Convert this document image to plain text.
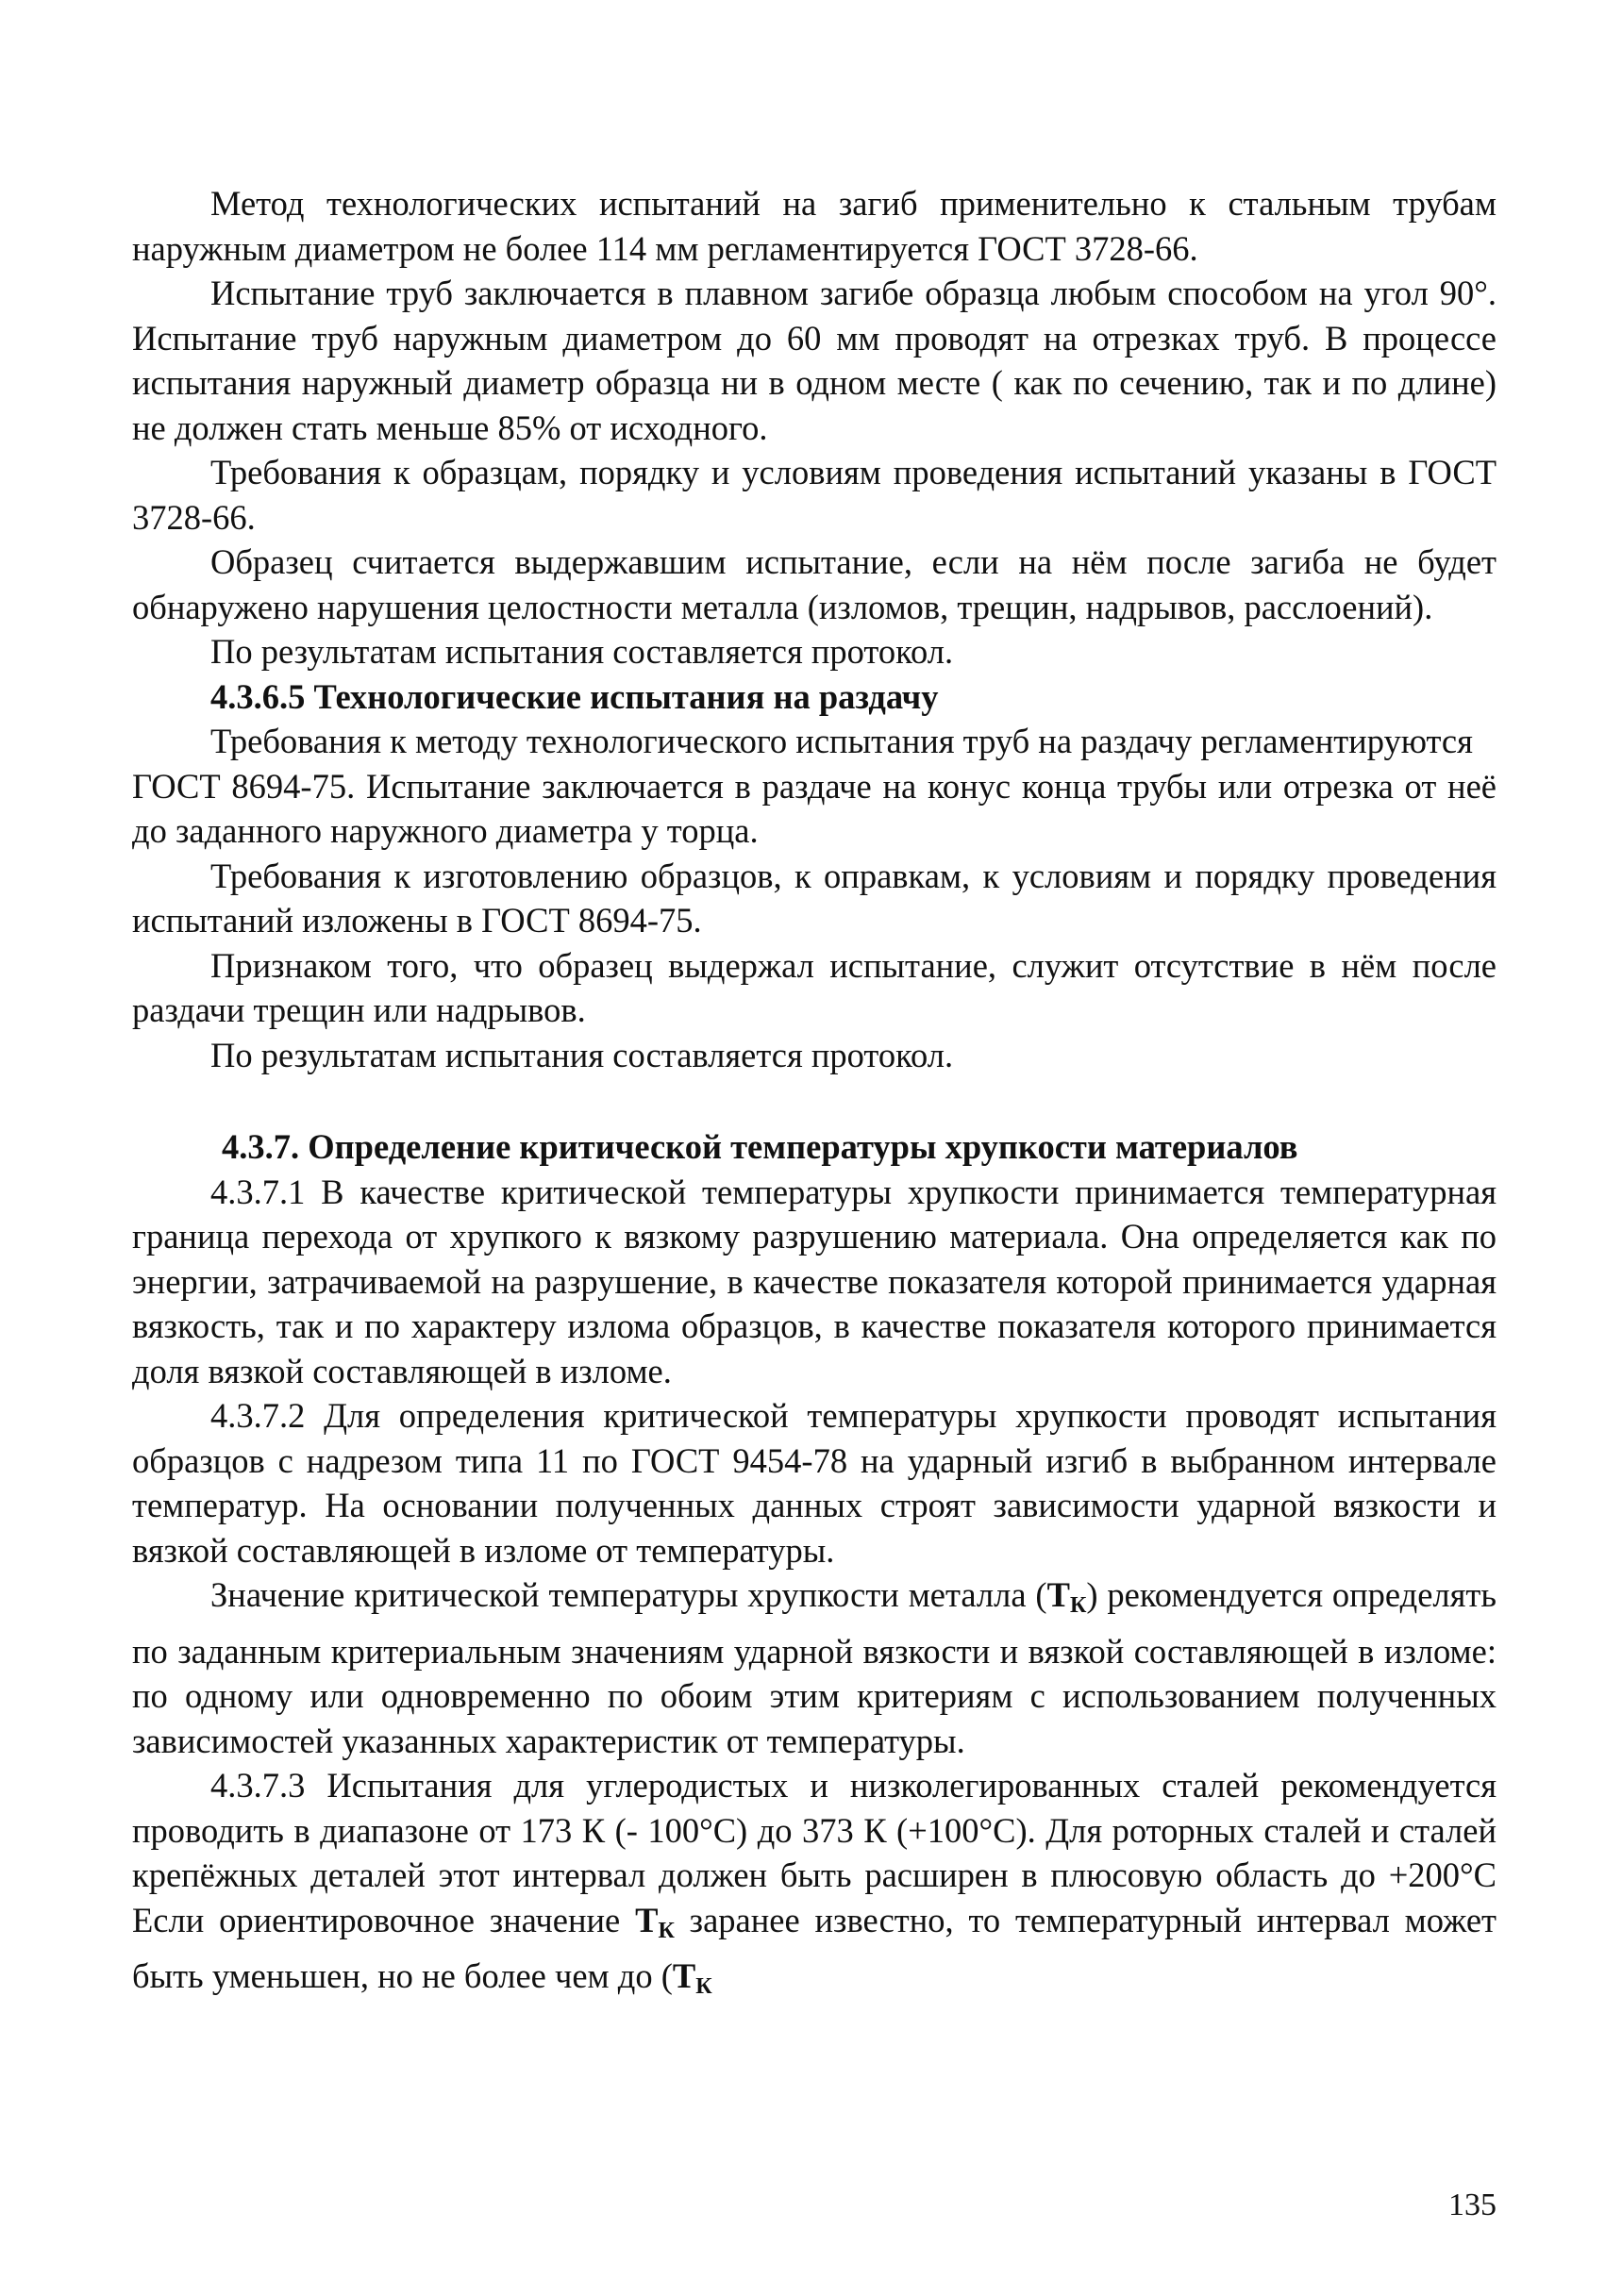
Метод технологических испытаний на загиб применительно к стальным трубам наружным диаметром не более 114 мм регламентируется ГОСТ 3728-66.

Испытание труб заключается в плавном загибе образца любым способом на угол 90°. Испытание труб наружным диаметром до 60 мм проводят на отрезках труб. В процессе испытания наружный диаметр образца ни в одном месте ( как по сечению, так и по длине) не должен стать меньше 85% от исходного.

Требования к образцам, порядку и условиям проведения испытаний указаны в ГОСТ 3728-66.

Образец считается выдержавшим испытание, если на нём после загиба не будет обнаружено нарушения целостности металла (изломов, трещин, надрывов, расслоений).

По результатам испытания составляется протокол.

4.3.6.5 Технологические испытания на раздачу

Требования к методу технологического испытания труб на раздачу регламентируются

ГОСТ 8694-75. Испытание заключается в раздаче на конус конца трубы или отрезка от неё до заданного наружного диаметра у торца.

Требования к изготовлению образцов, к оправкам, к условиям и порядку проведения испытаний изложены в ГОСТ 8694-75.

Признаком того, что образец выдержал испытание, служит отсутствие в нём после раздачи трещин или надрывов.

По результатам испытания составляется протокол.

4.3.7. Определение критической температуры хрупкости материалов

4.3.7.1 В качестве критической температуры хрупкости принимается температурная граница перехода от хрупкого к вязкому разрушению материала. Она определяется как по энергии, затрачиваемой на разрушение, в качестве показателя которой принимается ударная вязкость, так и по характеру излома образцов, в качестве показателя которого принимается доля вязкой составляющей в изломе.

4.3.7.2 Для определения критической температуры хрупкости проводят испытания образцов с надрезом типа 11 по ГОСТ 9454-78 на ударный изгиб в выбранном интервале температур. На основании полученных данных строят зависимости ударной вязкости и вязкой составляющей в изломе от температуры.

Значение критической температуры хрупкости металла $(Т_К)$ рекомендуется определять по заданным критериальным значениям ударной вязкости и вязкой составляющей в изломе: по одному или одновременно по обоим этим критериям с использованием полученных зависимостей указанных характеристик от температуры.

4.3.7.3 Испытания для углеродистых и низколегированных сталей рекомендуется проводить в диапазоне от 173 К (- 100°С) до 373 К (+100°С). Для роторных сталей и сталей крепёжных деталей этот интервал должен быть расширен в плюсовую область до +200°С Если ориентировочное значение $Т_К$ заранее известно, то температурный интервал может быть уменьшен, но не более чем до ($Т_К$

135
